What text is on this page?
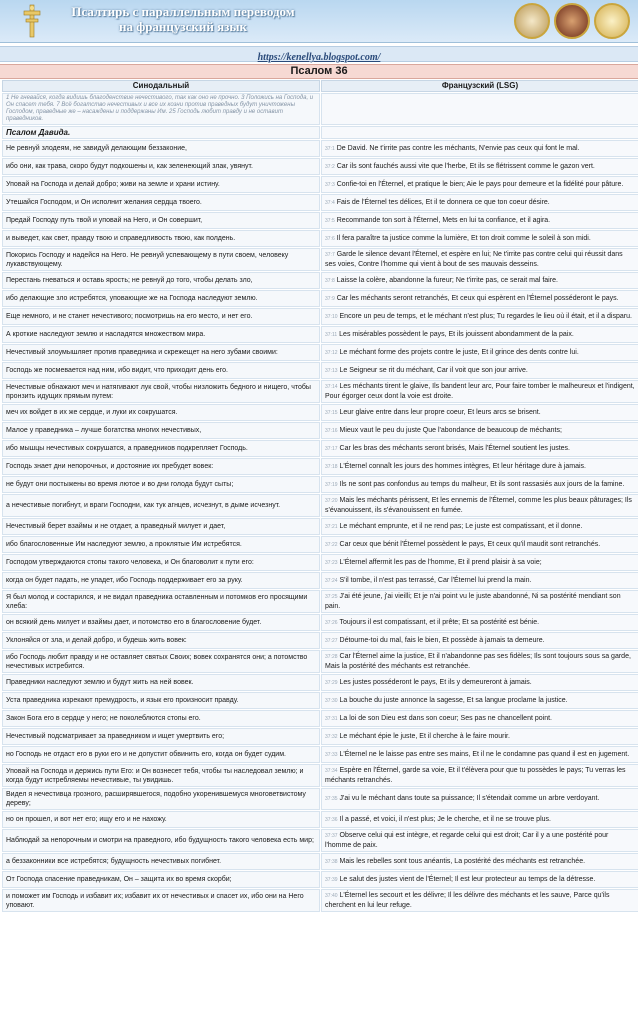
Псалтирь с параллельным переводом
на французский язык
https://kenellya.blogspot.com/
Псалом 36
Синодальный	Французский (LSG)
1 Не гневайся, когда видишь благоденствие нечестивого, так как оно не прочно. 3 Положись на Господа, и Он спасет тебя. 7 Всё богатство нечестивых и все их козни против праведных будут уничтожены Господом, праведные же – насаждены и поддержаны Им. 25 Господь любит правду и не оставит праведников.	
Псалом Давида.	
Не ревнуй злодеям, не завидуй делающим беззаконие,	37:1 De David. Ne t'irrite pas contre les méchants, N'envie pas ceux qui font le mal.
ибо они, как трава, скоро будут подкошены и, как зеленеющий злак, увянут.	37:2 Car ils sont fauchés aussi vite que l'herbe, Et ils se flétrissent comme le gazon vert.
Уповай на Господа и делай добро; живи на земле и храни истину.	37:3 Confie-toi en l'Éternel, et pratique le bien; Aie le pays pour demeure et la fidélité pour pâture.
Утешайся Господом, и Он исполнит желания сердца твоего.	37:4 Fais de l'Éternel tes délices, Et il te donnera ce que ton coeur désire.
Предай Господу путь твой и уповай на Него, и Он совершит,	37:5 Recommande ton sort à l'Éternel, Mets en lui ta confiance, et il agira.
и выведет, как свет, правду твою и справедливость твою, как полдень.	37:6 Il fera paraître ta justice comme la lumière, Et ton droit comme le soleil à son midi.
Покорись Господу и надейся на Него. Не ревнуй успевающему в пути своем, человеку лукавствующему.	37:7 Garde le silence devant l'Éternel, et espère en lui; Ne t'irrite pas contre celui qui réussit dans ses voies, Contre l'homme qui vient à bout de ses mauvais desseins.
Перестань гневаться и оставь ярость; не ревнуй до того, чтобы делать зло,	37:8 Laisse la colère, abandonne la fureur; Ne t'irrite pas, ce serait mal faire.
ибо делающие зло истребятся, уповающие же на Господа наследуют землю.	37:9 Car les méchants seront retranchés, Et ceux qui espèrent en l'Éternel posséderont le pays.
Еще немного, и не станет нечестивого; посмотришь на его место, и нет его.	37:10 Encore un peu de temps, et le méchant n'est plus; Tu regardes le lieu où il était, et il a disparu.
А кроткие наследуют землю и насладятся множеством мира.	37:11 Les misérables possèdent le pays, Et ils jouissent abondamment de la paix.
Нечестивый злоумышляет против праведника и скрежещет на него зубами своими:	37:12 Le méchant forme des projets contre le juste, Et il grince des dents contre lui.
Господь же посмевается над ним, ибо видит, что приходит день его.	37:13 Le Seigneur se rit du méchant, Car il voit que son jour arrive.
Нечестивые обнажают меч и натягивают лук свой, чтобы низложить бедного и нищего, чтобы пронзить идущих прямым путем:	37:14 Les méchants tirent le glaive, Ils bandent leur arc, Pour faire tomber le malheureux et l'indigent, Pour égorger ceux dont la voie est droite.
меч их войдет в их же сердце, и луки их сокрушатся.	37:15 Leur glaive entre dans leur propre coeur, Et leurs arcs se brisent.
Малое у праведника – лучше богатства многих нечестивых,	37:16 Mieux vaut le peu du juste Que l'abondance de beaucoup de méchants;
ибо мышцы нечестивых сокрушатся, а праведников подкрепляет Господь.	37:17 Car les bras des méchants seront brisés, Mais l'Éternel soutient les justes.
Господь знает дни непорочных, и достояние их пребудет вовек:	37:18 L'Éternel connaît les jours des hommes intègres, Et leur héritage dure à jamais.
не будут они постыжены во время лютое и во дни голода будут сыты;	37:19 Ils ne sont pas confondus au temps du malheur, Et ils sont rassasiés aux jours de la famine.
а нечестивые погибнут, и враги Господни, как тук агнцев, исчезнут, в дыме исчезнут.	37:20 Mais les méchants périssent, Et les ennemis de l'Éternel, comme les plus beaux pâturages; Ils s'évanouissent, ils s'évanouissent en fumée.
Нечестивый берет взаймы и не отдает, а праведный милует и дает,	37:21 Le méchant emprunte, et il ne rend pas; Le juste est compatissant, et il donne.
ибо благословенные Им наследуют землю, а проклятые Им истребятся.	37:22 Car ceux que bénit l'Éternel possèdent le pays, Et ceux qu'il maudit sont retranchés.
Господом утверждаются стопы такого человека, и Он благоволит к пути его:	37:23 L'Éternel affermit les pas de l'homme, Et il prend plaisir à sa voie;
когда он будет падать, не упадет, ибо Господь поддерживает его за руку.	37:24 S'il tombe, il n'est pas terrassé, Car l'Éternel lui prend la main.
Я был молод и состарился, и не видал праведника оставленным и потомков его просящими хлеба:	37:25 J'ai été jeune, j'ai vieilli; Et je n'ai point vu le juste abandonné, Ni sa postérité mendiant son pain.
он всякий день милует и взаймы дает, и потомство его в благословение будет.	37:26 Toujours il est compatissant, et il prête; Et sa postérité est bénie.
Уклоняйся от зла, и делай добро, и будешь жить вовек:	37:27 Détourne-toi du mal, fais le bien, Et possède à jamais ta demeure.
ибо Господь любит правду и не оставляет святых Своих; вовек сохранятся они; а потомство нечестивых истребится.	37:28 Car l'Éternel aime la justice, Et il n'abandonne pas ses fidèles; Ils sont toujours sous sa garde, Mais la postérité des méchants est retranchée.
Праведники наследуют землю и будут жить на ней вовек.	37:29 Les justes posséderont le pays, Et ils y demeureront à jamais.
Уста праведника изрекают премудрость, и язык его произносит правду.	37:30 La bouche du juste annonce la sagesse, Et sa langue proclame la justice.
Закон Бога его в сердце у него; не поколеблются стопы его.	37:31 La loi de son Dieu est dans son coeur; Ses pas ne chancellent point.
Нечестивый подсматривает за праведником и ищет умертвить его;	37:32 Le méchant épie le juste, Et il cherche à le faire mourir.
но Господь не отдаст его в руки его и не допустит обвинить его, когда он будет судим.	37:33 L'Éternel ne le laisse pas entre ses mains, Et il ne le condamne pas quand il est en jugement.
Уповай на Господа и держись пути Его: и Он вознесет тебя, чтобы ты наследовал землю; и когда будут истребляемы нечестивые, ты увидишь.	37:34 Espère en l'Éternel, garde sa voie, Et il t'élèvera pour que tu possèdes le pays; Tu verras les méchants retranchés.
Видел я нечестивца грозного, расширявшегося, подобно укоренившемуся многоветвистому дереву;	37:35 J'ai vu le méchant dans toute sa puissance; Il s'étendait comme un arbre verdoyant.
но он прошел, и вот нет его; ищу его и не нахожу.	37:36 Il a passé, et voici, il n'est plus; Je le cherche, et il ne se trouve plus.
Наблюдай за непорочным и смотри на праведного, ибо будущность такого человека есть мир;	37:37 Observe celui qui est intègre, et regarde celui qui est droit; Car il y a une postérité pour l'homme de paix.
а беззаконники все истребятся; будущность нечестивых погибнет.	37:38 Mais les rebelles sont tous anéantis, La postérité des méchants est retranchée.
От Господа спасение праведникам, Он – защита их во время скорби;	37:39 Le salut des justes vient de l'Éternel; Il est leur protecteur au temps de la détresse.
и поможет им Господь и избавит их; избавит их от нечестивых и спасет их, ибо они на Него уповают.	37:40 L'Éternel les secourt et les délivre; Il les délivre des méchants et les sauve, Parce qu'ils cherchent en lui leur refuge.
